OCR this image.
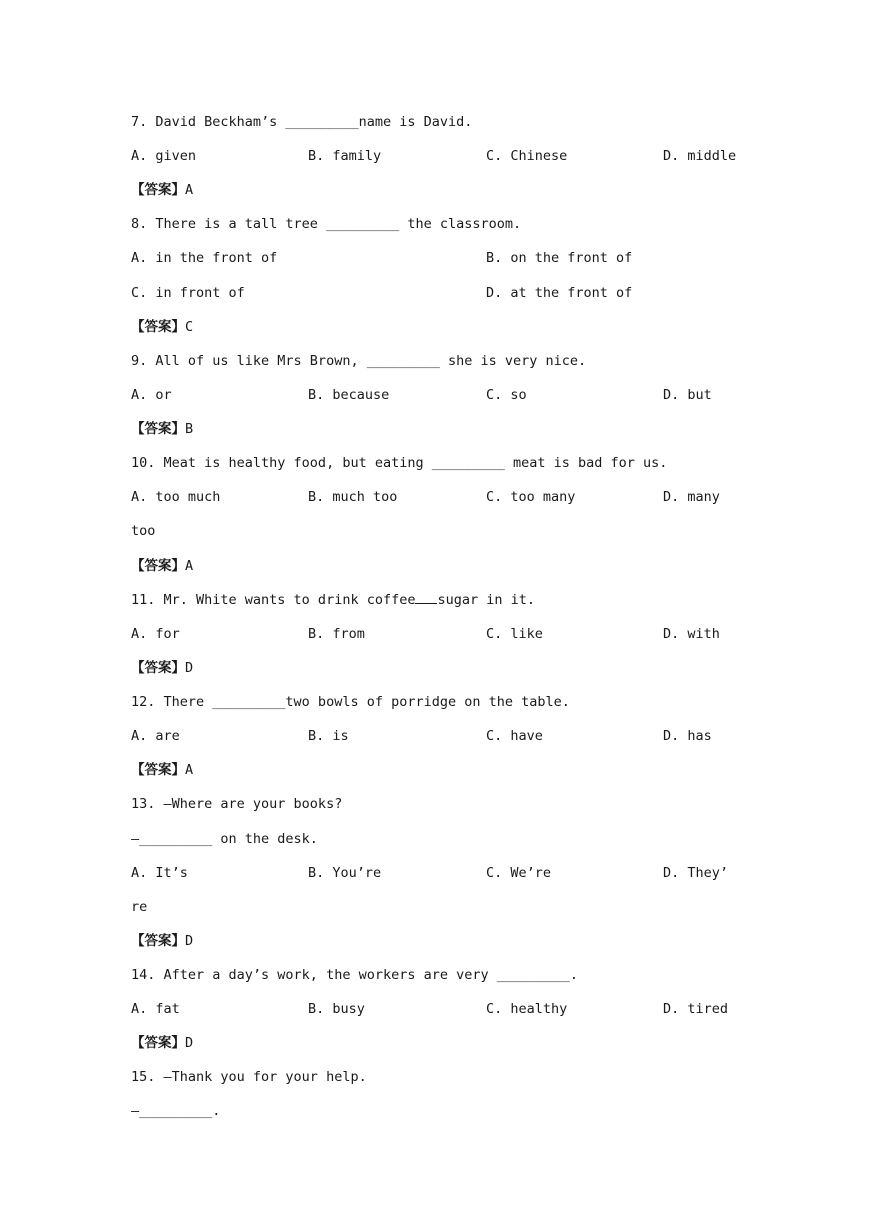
7. David Beckham’s _________name is David.
A. given	B. family	C. Chinese	D. middle
【答案】A
8. There is a tall tree _________ the classroom.
A. in the front of	B. on the front of
C. in front of	D. at the front of
【答案】C
9. All of us like Mrs Brown, _________ she is very nice.
A. or	B. because	C. so	D. but
【答案】B
10. Meat is healthy food, but eating _________ meat is bad for us.
A. too much	B. much too	C. too many	D. many
too
【答案】A
11. Mr. White wants to drink coffee sugar in it.
A. for	B. from	C. like	D. with
【答案】D
12. There _________two bowls of porridge on the table.
A. are	B. is	C. have	D. has
【答案】A
13. —Where are your books?
—_________ on the desk.
A. It’s	B. You’re	C. We’re	D. They’
re
【答案】D
14. After a day’s work, the workers are very _________.
A. fat	B. busy	C. healthy	D. tired
【答案】D
15. —Thank you for your help.
—_________.
